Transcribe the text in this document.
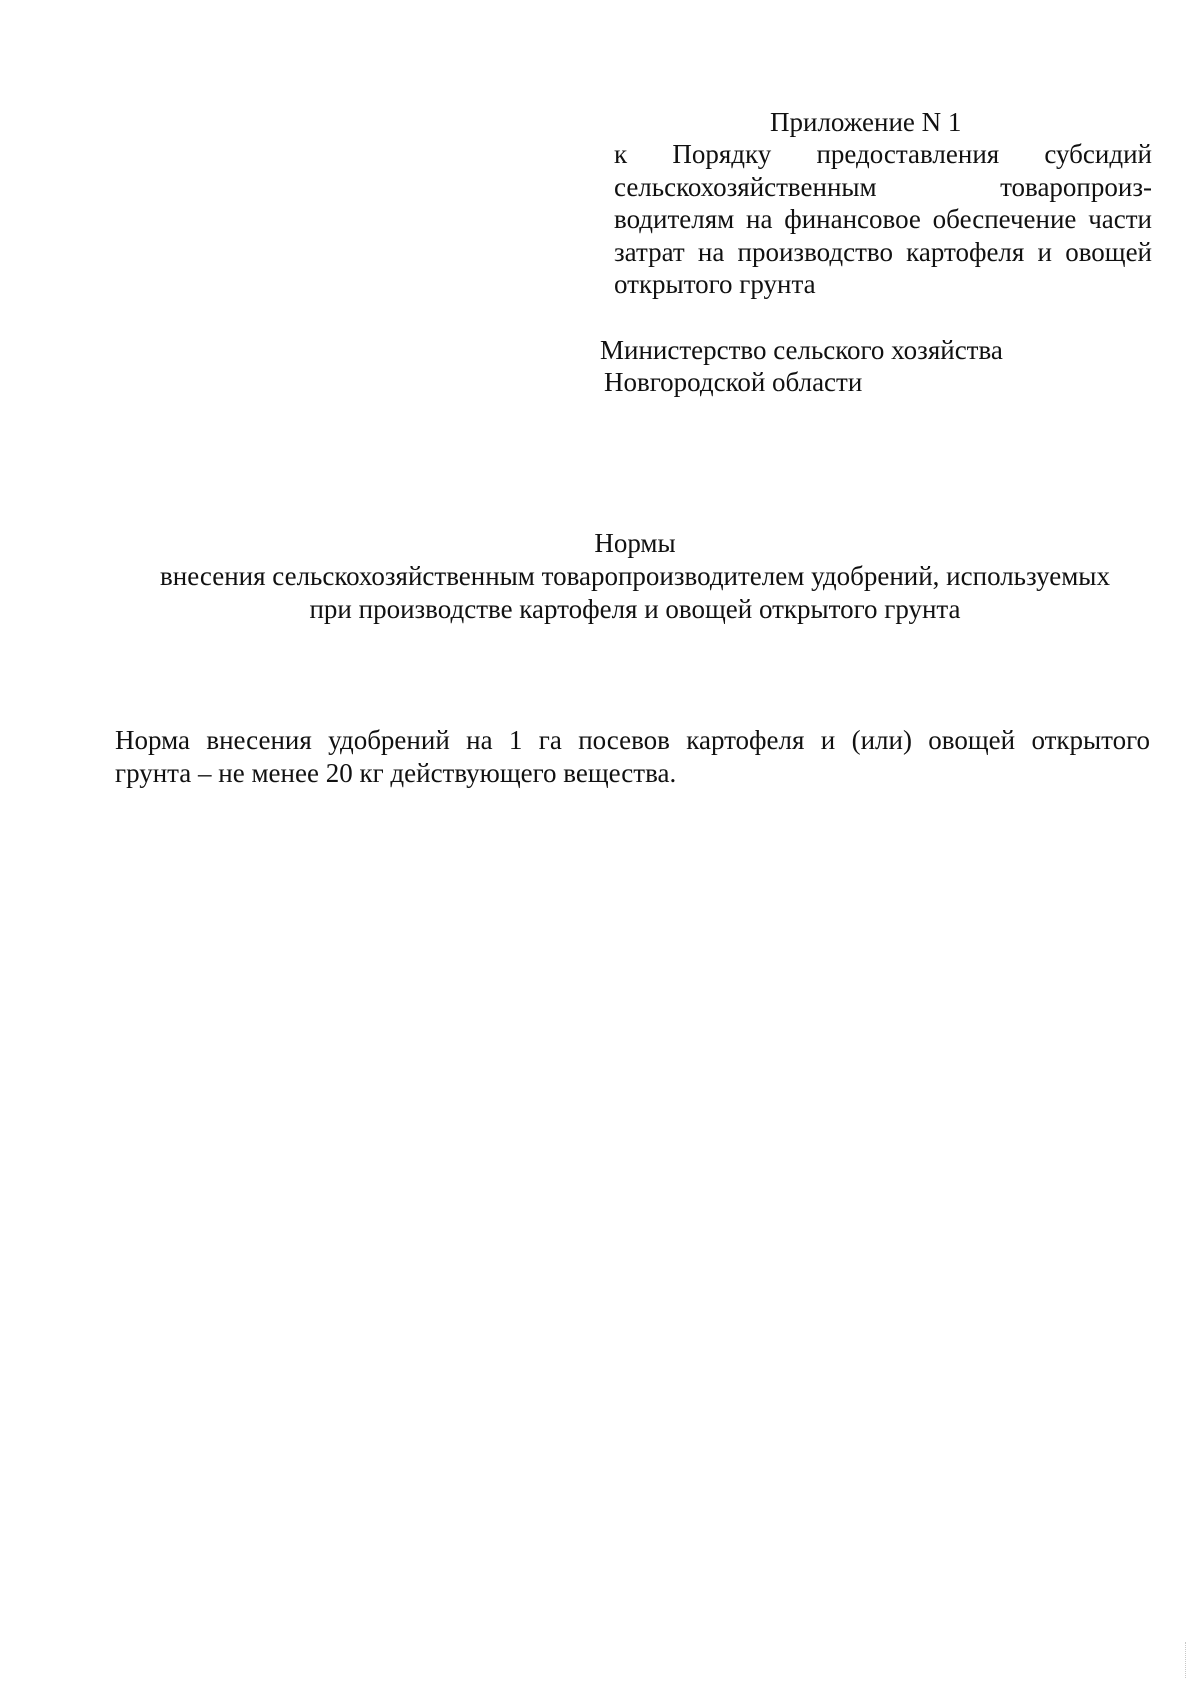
Приложение N 1
к Порядку предоставления субсидий
сельскохозяйственным товаропроиз-
водителям на финансовое обеспечение части
затрат на производство картофеля и овощей
открытого грунта
Министерство сельского хозяйства
Новгородской области
Нормы
внесения сельскохозяйственным товаропроизводителем удобрений, используемых
при производстве картофеля и овощей открытого грунта
Норма внесения удобрений на 1 га посевов картофеля и (или) овощей открытого
грунта – не менее 20 кг действующего вещества.
